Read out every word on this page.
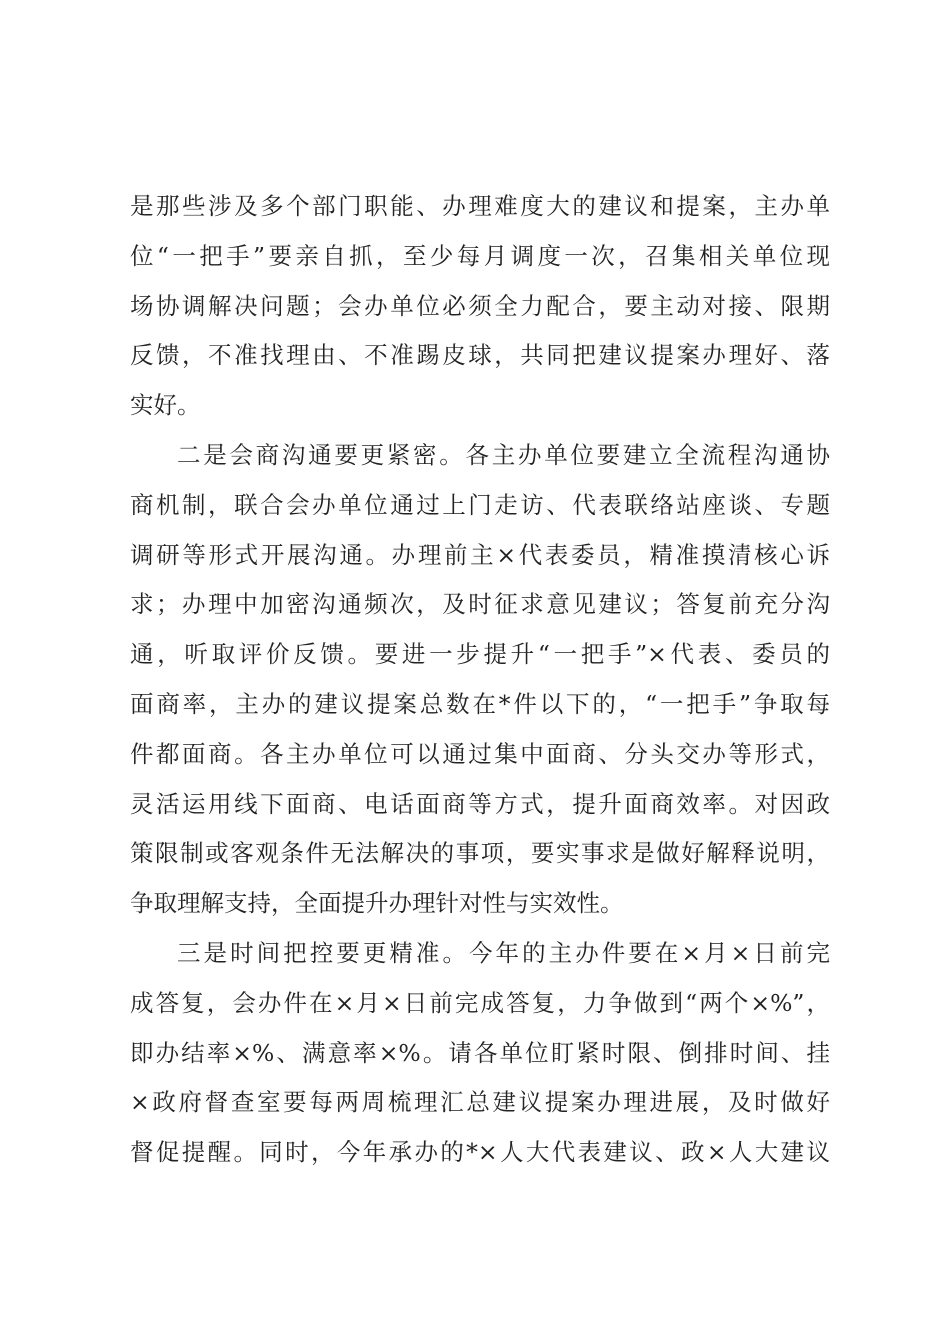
是那些涉及多个部门职能、办理难度大的建议和提案，主办单
位“一把手”要亲自抓，至少每月调度一次，召集相关单位现
场协调解决问题；会办单位必须全力配合，要主动对接、限期
反馈，不准找理由、不准踢皮球，共同把建议提案办理好、落
实好。
二是会商沟通要更紧密。各主办单位要建立全流程沟通协
商机制，联合会办单位通过上门走访、代表联络站座谈、专题
调研等形式开展沟通。办理前主×代表委员，精准摸清核心诉
求；办理中加密沟通频次，及时征求意见建议；答复前充分沟
通，听取评价反馈。要进一步提升“一把手”×代表、委员的
面商率，主办的建议提案总数在*件以下的，“一把手”争取每
件都面商。各主办单位可以通过集中面商、分头交办等形式，
灵活运用线下面商、电话面商等方式，提升面商效率。对因政
策限制或客观条件无法解决的事项，要实事求是做好解释说明，
争取理解支持，全面提升办理针对性与实效性。
三是时间把控要更精准。今年的主办件要在×月×日前完
成答复，会办件在×月×日前完成答复，力争做到“两个×%”，
即办结率×%、满意率×%。请各单位盯紧时限、倒排时间、挂
×政府督查室要每两周梳理汇总建议提案办理进展，及时做好
督促提醒。同时，今年承办的*×人大代表建议、政×人大建议
